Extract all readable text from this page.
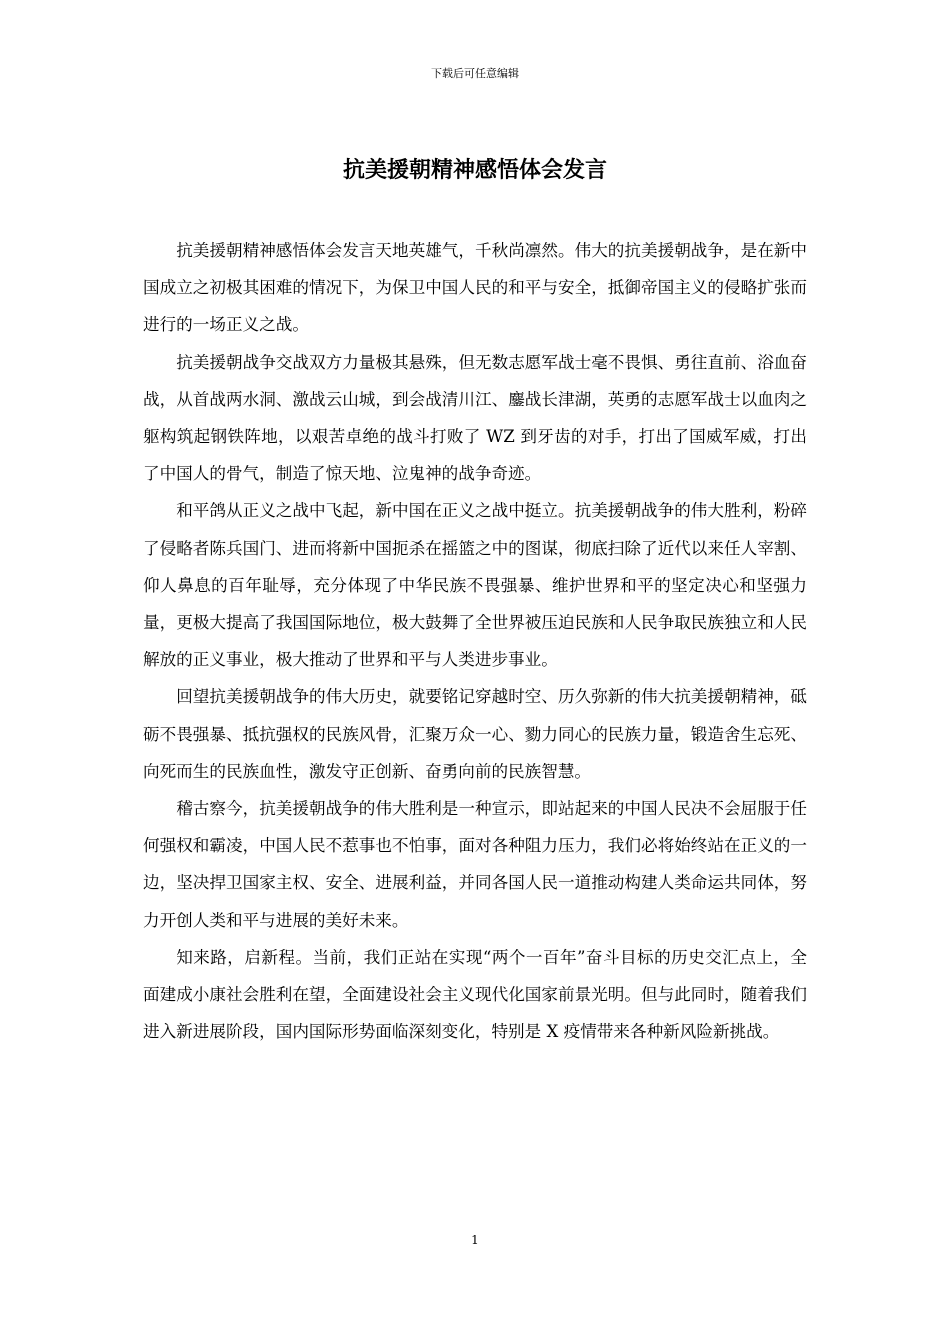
下载后可任意编辑
抗美援朝精神感悟体会发言

抗美援朝精神感悟体会发言天地英雄气，千秋尚凛然。伟大的抗美援朝战争，是在新中国成立之初极其困难的情况下，为保卫中国人民的和平与安全，抵御帝国主义的侵略扩张而进行的一场正义之战。

抗美援朝战争交战双方力量极其悬殊，但无数志愿军战士毫不畏惧、勇往直前、浴血奋战，从首战两水洞、激战云山城，到会战清川江、鏖战长津湖，英勇的志愿军战士以血肉之躯构筑起钢铁阵地，以艰苦卓绝的战斗打败了 WZ 到牙齿的对手，打出了国威军威，打出了中国人的骨气，制造了惊天地、泣鬼神的战争奇迹。

和平鸽从正义之战中飞起，新中国在正义之战中挺立。抗美援朝战争的伟大胜利，粉碎了侵略者陈兵国门、进而将新中国扼杀在摇篮之中的图谋，彻底扫除了近代以来任人宰割、仰人鼻息的百年耻辱，充分体现了中华民族不畏强暴、维护世界和平的坚定决心和坚强力量，更极大提高了我国国际地位，极大鼓舞了全世界被压迫民族和人民争取民族独立和人民解放的正义事业，极大推动了世界和平与人类进步事业。

回望抗美援朝战争的伟大历史，就要铭记穿越时空、历久弥新的伟大抗美援朝精神，砥砺不畏强暴、抵抗强权的民族风骨，汇聚万众一心、勠力同心的民族力量，锻造舍生忘死、向死而生的民族血性，激发守正创新、奋勇向前的民族智慧。

稽古察今，抗美援朝战争的伟大胜利是一种宣示，即站起来的中国人民决不会屈服于任何强权和霸凌，中国人民不惹事也不怕事，面对各种阻力压力，我们必将始终站在正义的一边，坚决捍卫国家主权、安全、进展利益，并同各国人民一道推动构建人类命运共同体，努力开创人类和平与进展的美好未来。

知来路，启新程。当前，我们正站在实现“两个一百年”奋斗目标的历史交汇点上，全面建成小康社会胜利在望，全面建设社会主义现代化国家前景光明。但与此同时，随着我们进入新进展阶段，国内国际形势面临深刻变化，特别是 X 疫情带来各种新风险新挑战。

1
